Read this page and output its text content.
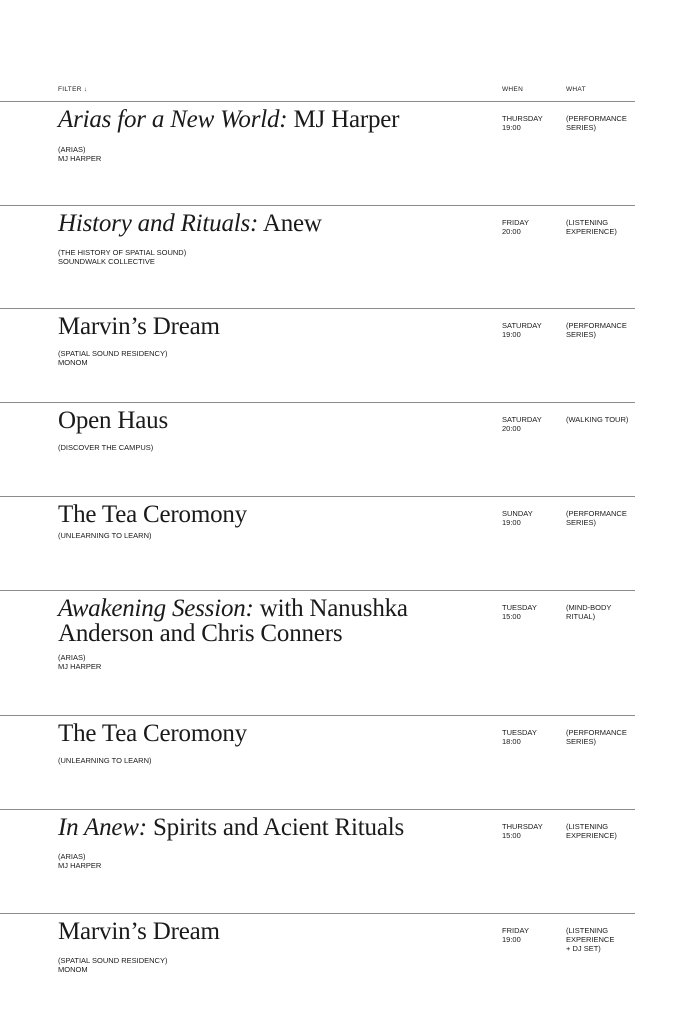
FILTER ↓	WHEN	WHAT
Arias for a New World: MJ Harper
(ARIAS)
MJ HARPER
THURSDAY
19:00
(PERFORMANCE
SERIES)
History and Rituals: Anew
(THE HISTORY OF SPATIAL SOUND)
SOUNDWALK COLLECTIVE
FRIDAY
20:00
(LISTENING
EXPERIENCE)
Marvin’s Dream
(SPATIAL SOUND RESIDENCY)
MONOM
SATURDAY
19:00
(PERFORMANCE
SERIES)
Open Haus
(DISCOVER THE CAMPUS)
SATURDAY
20:00
(WALKING TOUR)
The Tea Ceromony
(UNLEARNING TO LEARN)
SUNDAY
19:00
(PERFORMANCE
SERIES)
Awakening Session: with Nanushka Anderson and Chris Conners
(ARIAS)
MJ HARPER
TUESDAY
15:00
(MIND-BODY
RITUAL)
The Tea Ceromony
(UNLEARNING TO LEARN)
TUESDAY
18:00
(PERFORMANCE
SERIES)
In Anew: Spirits and Acient Rituals
(ARIAS)
MJ HARPER
THURSDAY
15:00
(LISTENING
EXPERIENCE)
Marvin’s Dream
(SPATIAL SOUND RESIDENCY)
MONOM
FRIDAY
19:00
(LISTENING
EXPERIENCE
+ DJ SET)
